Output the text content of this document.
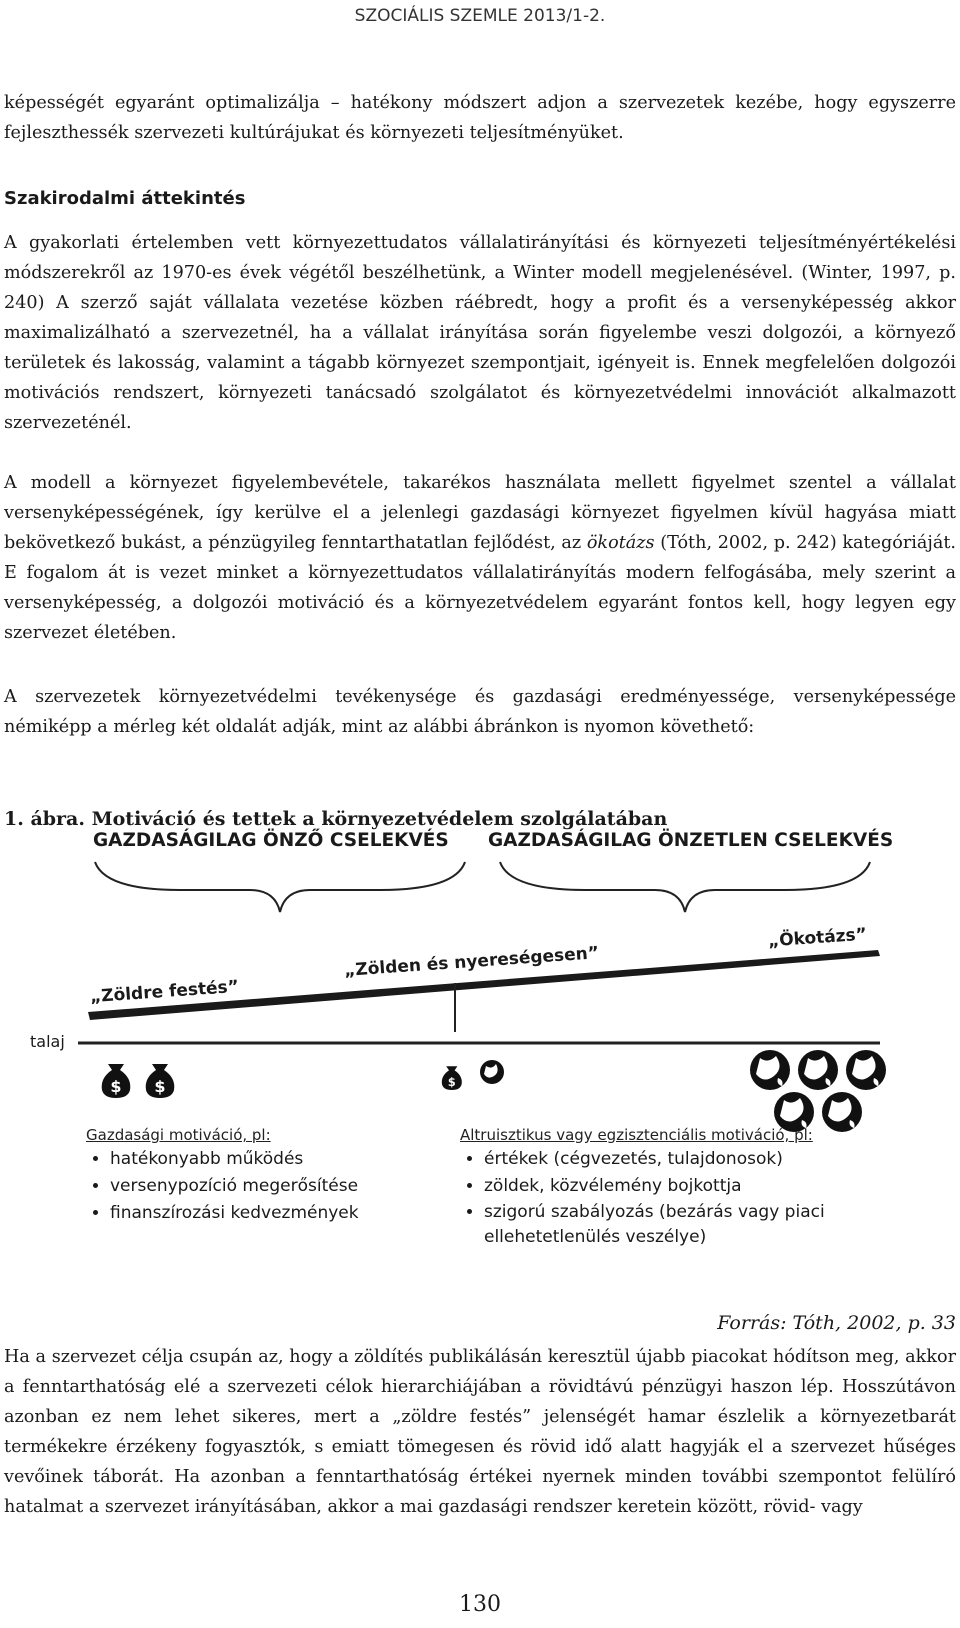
SZOCIÁLIS SZEMLE 2013/1-2.
képességét egyaránt optimalizálja – hatékony módszert adjon a szervezetek kezébe, hogy egyszerre fejleszthessék szervezeti kultúrájukat és környezeti teljesítményüket.
Szakirodalmi áttekintés
A gyakorlati értelemben vett környezettudatos vállalatirányítási és környezeti teljesítményértékelési módszerekről az 1970-es évek végétől beszélhetünk, a Winter modell megjelenésével. (Winter, 1997, p. 240) A szerző saját vállalata vezetése közben ráébredt, hogy a profit és a versenyképesség akkor maximalizálható a szervezetnél, ha a vállalat irányítása során figyelembe veszi dolgozói, a környező területek és lakosság, valamint a tágabb környezet szempontjait, igényeit is. Ennek megfelelően dolgozói motivációs rendszert, környezeti tanácsadó szolgálatot és környezetvédelmi innovációt alkalmazott szervezeténél.
A modell a környezet figyelembevétele, takarékos használata mellett figyelmet szentel a vállalat versenyképességének, így kerülve el a jelenlegi gazdasági környezet figyelmen kívül hagyása miatt bekövetkező bukást, a pénzügyileg fenntarthatatlan fejlődést, az ökotázs (Tóth, 2002, p. 242) kategóriáját. E fogalom át is vezet minket a környezettudatos vállalatirányítás modern felfogásába, mely szerint a versenyképesség, a dolgozói motiváció és a környezetvédelem egyaránt fontos kell, hogy legyen egy szervezet életében.
A szervezetek környezetvédelmi tevékenysége és gazdasági eredményessége, versenyképessége némiképp a mérleg két oldalát adják, mint az alábbi ábránkon is nyomon követhető:
1. ábra. Motiváció és tettek a környezetvédelem szolgálatában
$ $	$
GAZDASÁGILAG ÖNZŐ CSELEKVÉS GAZDASÁGILAG ÖNZETLEN CSELEKVÉS
„Zölden és nyereségesen”
„Ökotázs”
„Zöldre festés”
talaj
Gazdasági motiváció, pl:
• hatékonyabb működés
• versenypozíció megerősítése
• finanszírozási kedvezmények
Altruisztikus vagy egzisztenciális motiváció, pl:
• értékek (cégvezetés, tulajdonosok)
• zöldek, közvélemény bojkottja
• szigorú szabályozás (bezárás vagy piaci ellehetetlenülés veszélye)
Forrás: Tóth, 2002, p. 33
Ha a szervezet célja csupán az, hogy a zöldítés publikálásán keresztül újabb piacokat hódítson meg, akkor a fenntarthatóság elé a szervezeti célok hierarchiájában a rövidtávú pénzügyi haszon lép. Hosszútávon azonban ez nem lehet sikeres, mert a „zöldre festés” jelenségét hamar észlelik a környezetbarát termékekre érzékeny fogyasztók, s emiatt tömegesen és rövid idő alatt hagyják el a szervezet hűséges vevőinek táborát. Ha azonban a fenntarthatóság értékei nyernek minden további szempontot felülíró hatalmat a szervezet irányításában, akkor a mai gazdasági rendszer keretein között, rövid- vagy
130
